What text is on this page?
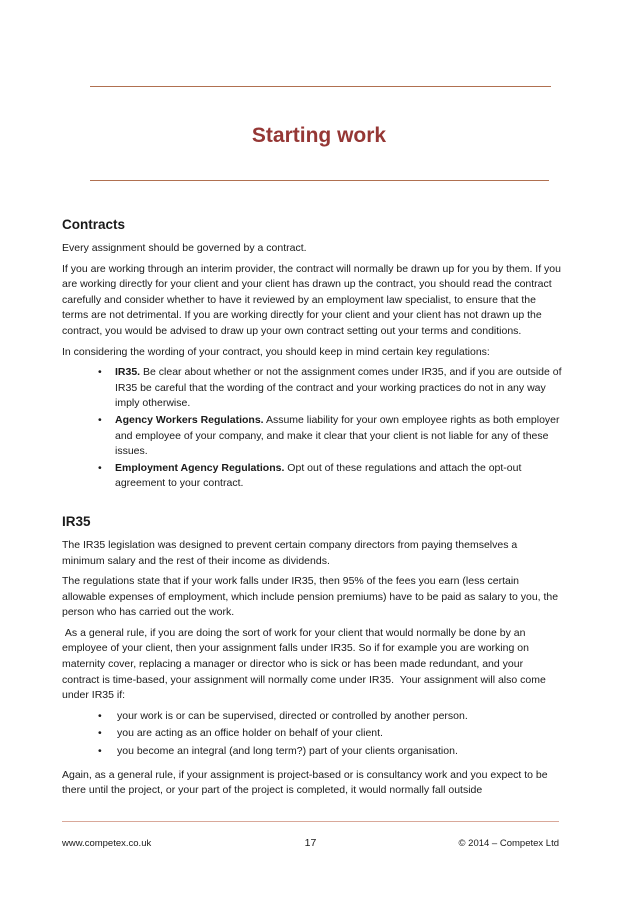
Starting work
Contracts

Every assignment should be governed by a contract.

If you are working through an interim provider, the contract will normally be drawn up for you by them. If you are working directly for your client and your client has drawn up the contract, you should read the contract carefully and consider whether to have it reviewed by an employment law specialist, to ensure that the terms are not detrimental. If you are working directly for your client and your client has not drawn up the contract, you would be advised to draw up your own contract setting out your terms and conditions.

In considering the wording of your contract, you should keep in mind certain key regulations:

• IR35. Be clear about whether or not the assignment comes under IR35, and if you are outside of IR35 be careful that the wording of the contract and your working practices do not in any way imply otherwise.
• Agency Workers Regulations. Assume liability for your own employee rights as both employer and employee of your company, and make it clear that your client is not liable for any of these issues.
• Employment Agency Regulations. Opt out of these regulations and attach the opt-out agreement to your contract.
IR35

The IR35 legislation was designed to prevent certain company directors from paying themselves a minimum salary and the rest of their income as dividends.

The regulations state that if your work falls under IR35, then 95% of the fees you earn (less certain allowable expenses of employment, which include pension premiums) have to be paid as salary to you, the person who has carried out the work.

As a general rule, if you are doing the sort of work for your client that would normally be done by an employee of your client, then your assignment falls under IR35. So if for example you are working on maternity cover, replacing a manager or director who is sick or has been made redundant, and your contract is time-based, your assignment will normally come under IR35.  Your assignment will also come under IR35 if:

• your work is or can be supervised, directed or controlled by another person.
• you are acting as an office holder on behalf of your client.
• you become an integral (and long term?) part of your clients organisation.

Again, as a general rule, if your assignment is project-based or is consultancy work and you expect to be there until the project, or your part of the project is completed, it would normally fall outside

www.competex.co.uk	17	© 2014 – Competex Ltd
